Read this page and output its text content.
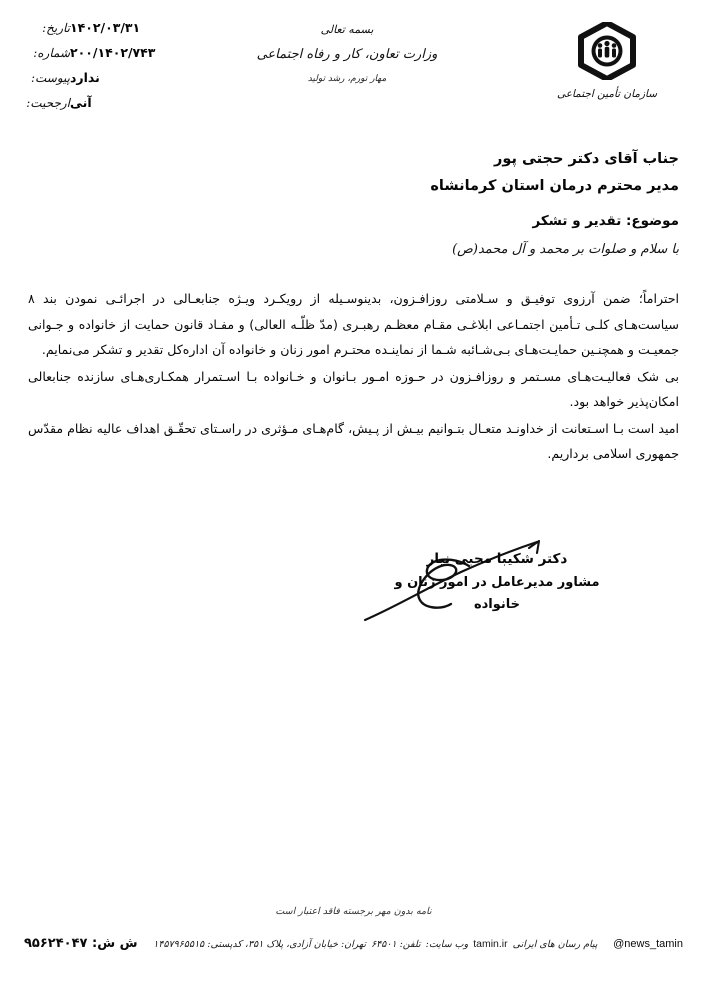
سازمان تأمین اجتماعی
بسمه تعالی
وزارت تعاون، کار و رفاه اجتماعی
مهار تورم، رشد تولید
۱۴۰۲/۰۳/۳۱
تاریخ:
۲۰۰/۱۴۰۲/۷۴۳
شماره:
ندارد
پیوست:
آنی
ارجحیت:
جناب آقای دکتر حجتی پور
مدیر محترم درمان استان کرمانشاه
موضوع: تقدیر و تشکر
با سلام و صلوات بر محمد و آل محمد(ص)

احتراماً؛ ضمن آرزوی توفیـق و سـلامتی روزافـزون، بدینوسـیله از رویکـرد ویـژه جنابعـالی در اجرائـی نمودن بند ۸ سیاست‌هـای کلـی تـأمین اجتمـاعی ابلاغـی مقـام معظـم رهبـری (مدّ ظلّـه العالی) و مفـاد قانون حمایت از خانواده و جـوانی جمعیـت و همچنـین حمایـت‌هـای بـی‌شـائبه شـما از نماینـده محتـرم امور زنان و خانواده آن اداره‌کل تقدیر و تشکر می‌نمایم.

بی شک فعالیـت‌هـای مسـتمر و روزافـزون در حـوزه امـور بـانوان و خـانواده بـا اسـتمرار همکـاری‌هـای سازنده جنابعالی امکان‌پذیر خواهد بود.

امید است بـا اسـتعانت از خداونـد متعـال بتـوانیم بیـش از پـیش، گام‌هـای مـؤثری در راسـتای تحقّـق اهداف عالیه نظام مقدّس جمهوری اسلامی برداریم.

دکتر شکیبا محبی نیار
مشاور مدیرعامل در امور زنان و
خانواده
نامه بدون مهر برجسته فاقد اعتبار است
@news_tamin
پیام رسان های ایرانی
tamin.ir
وب سایت:
تلفن: ۶۴۵۰۱
تهران: خیابان آزادی، پلاک ۳۵۱، کدپستی: ۱۴۵۷۹۶۵۵۱۵
ش ش: ۹۵۶۲۴۰۴۷
